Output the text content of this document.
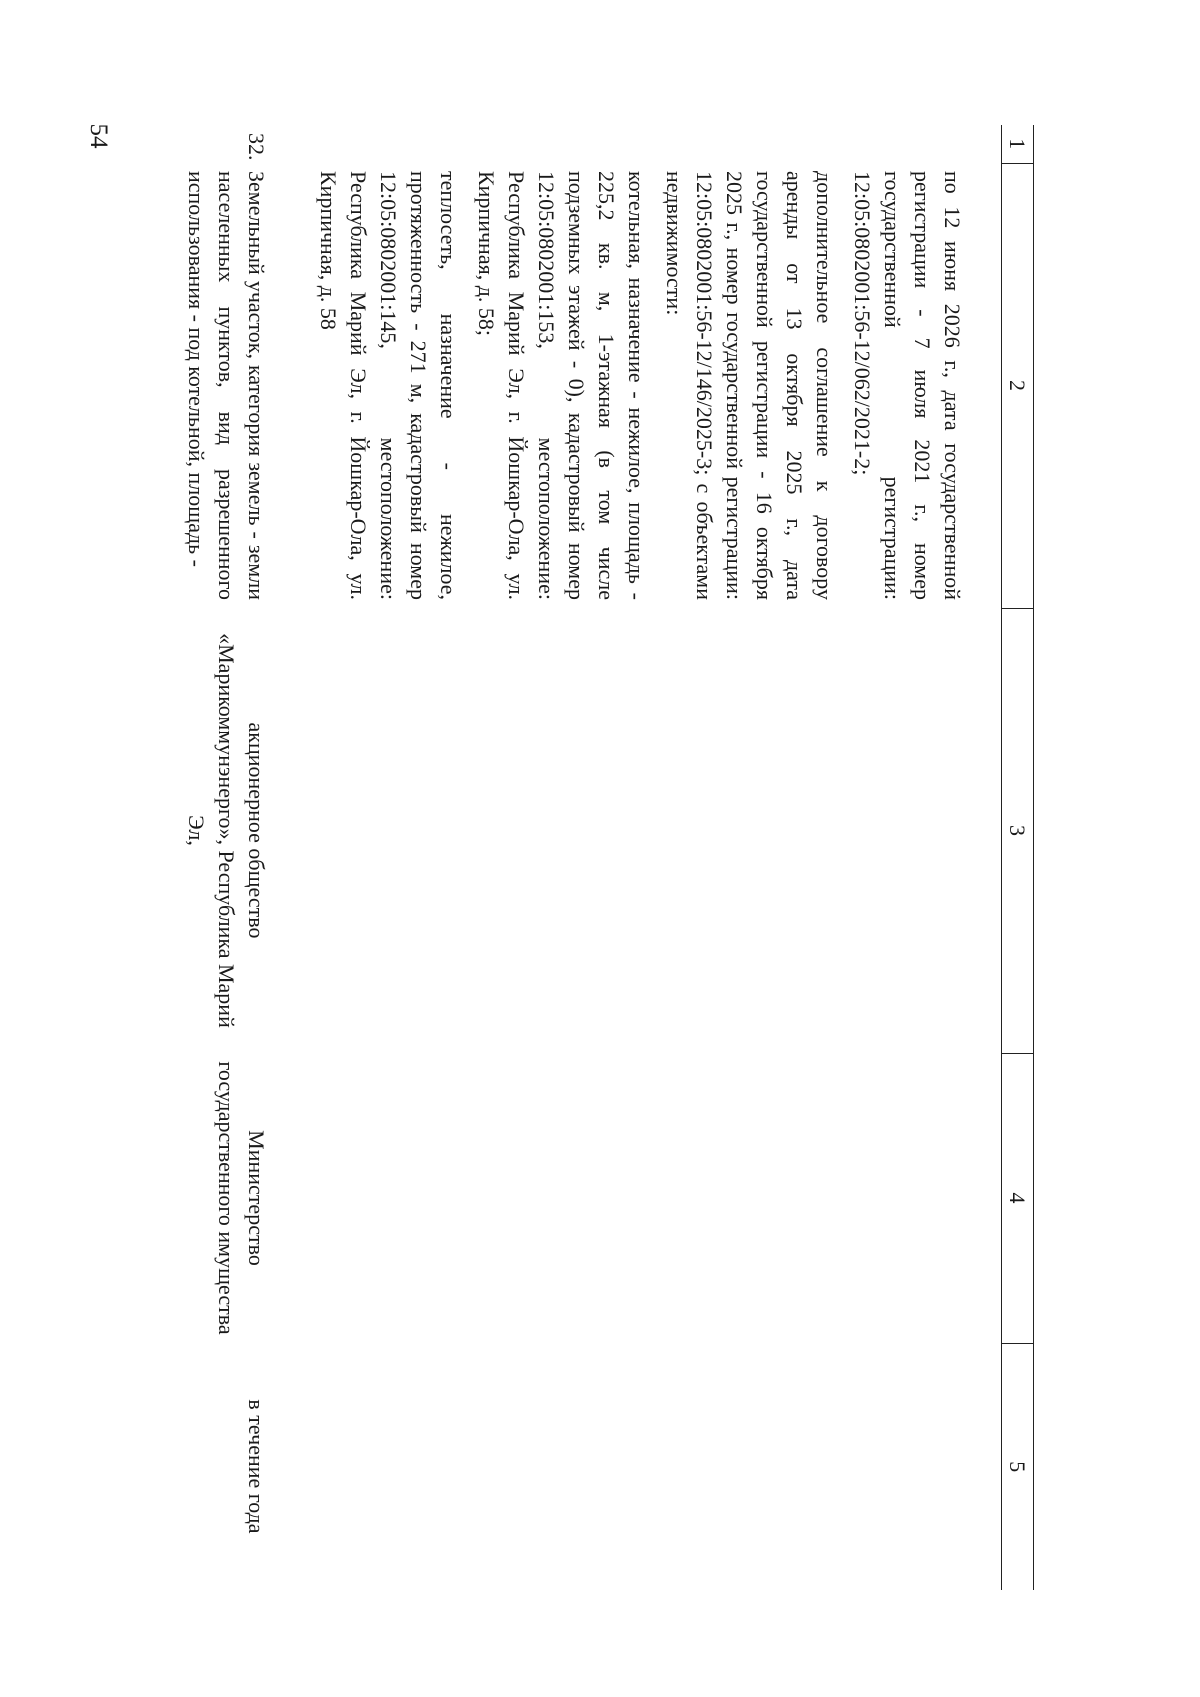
54	1	2	3	4	5

	по 12 июня 2026 г., дата государственной регистрации - 7 июля 2021 г., номер государственной регистрации: 12:05:0802001:56-12/062/2021-2;

дополнительное соглашение к договору аренды от 13 октября 2025 г., дата государственной регистрации - 16 октября 2025 г., номер государственной регистрации: 12:05:0802001:56-12/146/2025-3; с объектами недвижимости:

котельная, назначение - нежилое, площадь - 225,2 кв. м, 1-этажная (в том числе подземных этажей - 0), кадастровый номер 12:05:0802001:153, местоположение: Республика Марий Эл, г. Йошкар-Ола, ул. Кирпичная, д. 58;

теплосеть, назначение - нежилое, протяженность - 271 м, кадастровый номер 12:05:0802001:145, местоположение: Республика Марий Эл, г. Йошкар-Ола, ул. Кирпичная, д. 58			

32.	Земельный участок, категория земель - земли населенных пунктов, вид разрешенного использования - под котельной, площадь -	акционерное общество «Марикоммунэнерго», Республика Марий Эл,	Министерство государственного имущества	в течение года
